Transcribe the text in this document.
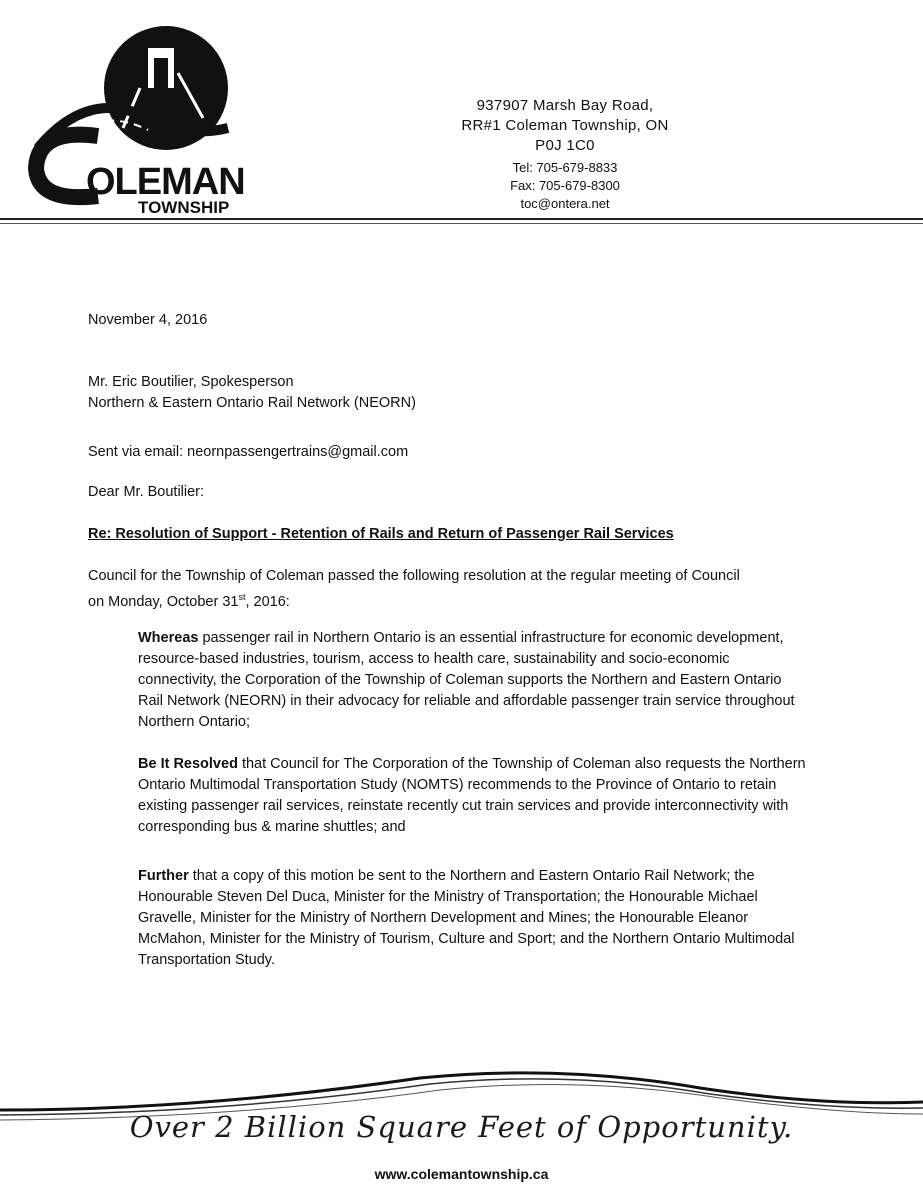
OLEMAN
TOWNSHIP
937907 Marsh Bay Road,
RR#1 Coleman Township, ON
P0J 1C0
Tel: 705-679-8833
Fax: 705-679-8300
toc@ontera.net
November 4, 2016
Mr. Eric Boutilier, Spokesperson
Northern & Eastern Ontario Rail Network (NEORN)
Sent via email: neornpassengertrains@gmail.com
Dear Mr. Boutilier:
Re: Resolution of Support - Retention of Rails and Return of Passenger Rail Services
Council for the Township of Coleman passed the following resolution at the regular meeting of Council
on Monday, October 31st, 2016:
Whereas passenger rail in Northern Ontario is an essential infrastructure for economic development, resource-based industries, tourism, access to health care, sustainability and socio-economic connectivity, the Corporation of the Township of Coleman supports the Northern and Eastern Ontario Rail Network (NEORN) in their advocacy for reliable and affordable passenger train service throughout Northern Ontario;
Be It Resolved that Council for The Corporation of the Township of Coleman also requests the Northern Ontario Multimodal Transportation Study (NOMTS) recommends to the Province of Ontario to retain existing passenger rail services, reinstate recently cut train services and provide interconnectivity with corresponding bus & marine shuttles; and
Further that a copy of this motion be sent to the Northern and Eastern Ontario Rail Network; the Honourable Steven Del Duca, Minister for the Ministry of Transportation; the Honourable Michael Gravelle, Minister for the Ministry of Northern Development and Mines; the Honourable Eleanor McMahon, Minister for the Ministry of Tourism, Culture and Sport; and the Northern Ontario Multimodal Transportation Study.
Over 2 Billion Square Feet of Opportunity.
www.colemantownship.ca
